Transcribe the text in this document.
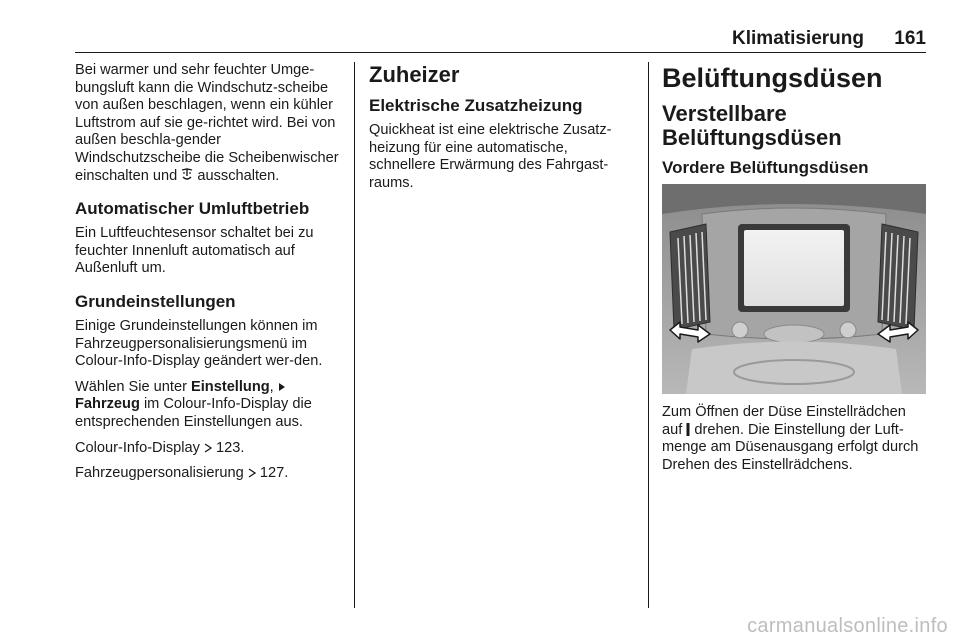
Klimatisierung 161

Bei warmer und sehr feuchter Umge-bungsluft kann die Windschutz-scheibe von außen beschlagen, wenn ein kühler Luftstrom auf sie ge-richtet wird. Bei von außen beschla-gender Windschutzscheibe die Scheibenwischer einschalten und ausschalten.

Automatischer Umluftbetrieb

Ein Luftfeuchtesensor schaltet bei zu feuchter Innenluft automatisch auf Außenluft um.

Grundeinstellungen

Einige Grundeinstellungen können im Fahrzeugpersonalisierungsmenü im Colour-Info-Display geändert wer-den.

Wählen Sie unter Einstellung,  Fahrzeug im Colour-Info-Display die entsprechenden Einstellungen aus.

Colour-Info-Display 123.

Fahrzeugpersonalisierung 127.

Zuheizer
Elektrische Zusatzheizung

Quickheat ist eine elektrische Zusatz-heizung für eine automatische, schnellere Erwärmung des Fahrgast-raums.

Belüftungsdüsen
Verstellbare Belüftungsdüsen
Vordere Belüftungsdüsen

Zum Öffnen der Düse Einstellrädchen auf drehen. Die Einstellung der Luft-menge am Düsenausgang erfolgt durch Drehen des Einstellrädchens.

carmanualsonline.info
